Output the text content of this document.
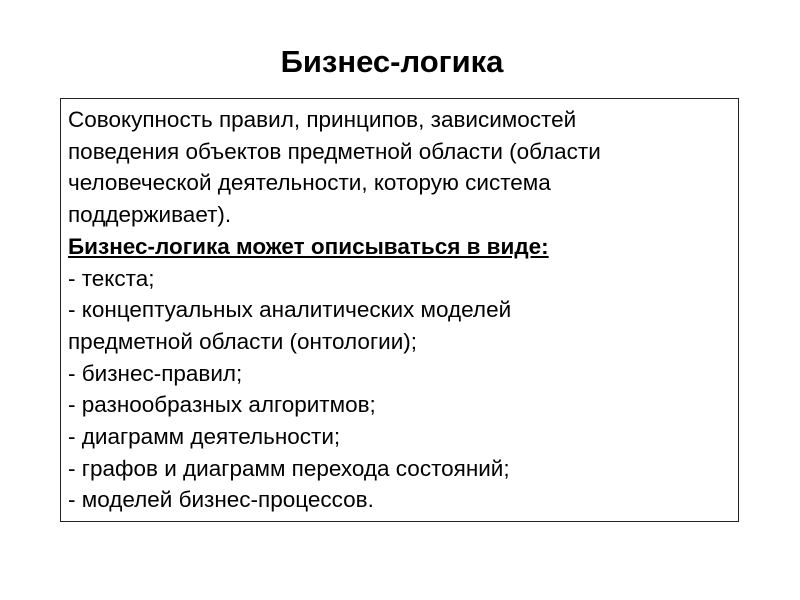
Бизнес-логика
Совокупность правил, принципов, зависимостей
поведения объектов предметной области (области
человеческой деятельности, которую система
поддерживает).
Бизнес-логика может описываться в виде:
- текста;
- концептуальных аналитических моделей
предметной области (онтологии);
- бизнес-правил;
- разнообразных алгоритмов;
- диаграмм деятельности;
- графов и диаграмм перехода состояний;
- моделей бизнес-процессов.
